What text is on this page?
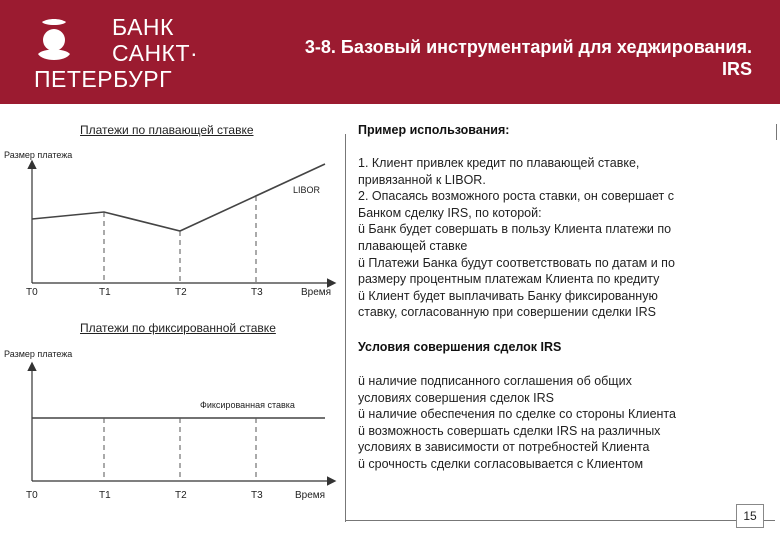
БАНК
САНКТ·
ПЕТЕРБУРГ
3-8. Базовый инструментарий для хеджирования.
IRS
Платежи по плавающей ставке
Размер платежа
LIBOR
T0	T1	T2	T3	Время
Платежи по фиксированной ставке
Размер платежа
Фиксированная ставка
T0	T1	T2	T3	Время
Пример использования:
1. Клиент привлек кредит по плавающей ставке,
привязанной к LIBOR.
2. Опасаясь возможного роста ставки, он совершает с
Банком сделку IRS, по которой:
ü Банк будет совершать в пользу Клиента платежи по
плавающей ставке
ü Платежи Банка будут соответствовать по датам и по
размеру процентным платежам Клиента по кредиту
ü Клиент будет выплачивать Банку фиксированную
ставку, согласованную при совершении сделки IRS
Условия совершения сделок IRS
ü наличие подписанного соглашения об общих
условиях совершения сделок IRS
ü наличие обеспечения по сделке со стороны Клиента
ü возможность совершать сделки IRS на различных
условиях в зависимости от потребностей Клиента
ü срочность сделки согласовывается с Клиентом
15
